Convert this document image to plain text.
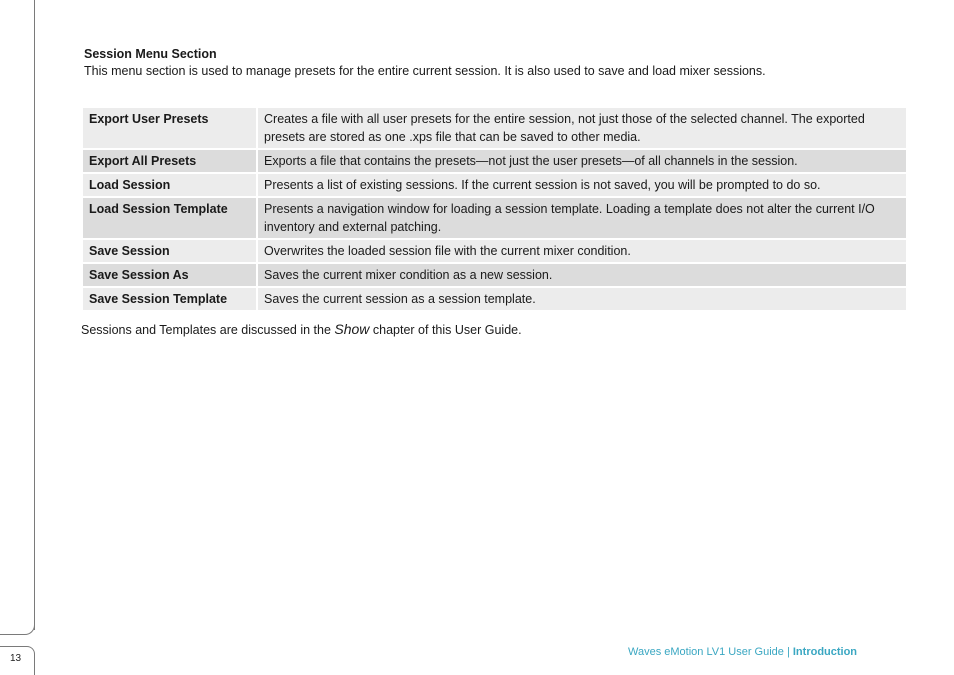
13

Session Menu Section

This menu section is used to manage presets for the entire current session. It is also used to save and load mixer sessions.

Export User Presets	Creates a file with all user presets for the entire session, not just those of the selected channel. The exported presets are stored as one .xps file that can be saved to other media.
Export All Presets	Exports a file that contains the presets—not just the user presets—of all channels in the session.
Load Session	Presents a list of existing sessions. If the current session is not saved, you will be prompted to do so.
Load Session Template	Presents a navigation window for loading a session template. Loading a template does not alter the current I/O inventory and external patching.
Save Session	Overwrites the loaded session file with the current mixer condition.
Save Session As	Saves the current mixer condition as a new session.
Save Session Template	Saves the current session as a session template.
Sessions and Templates are discussed in the Show chapter of this User Guide.
Waves eMotion LV1 User Guide | Introduction
